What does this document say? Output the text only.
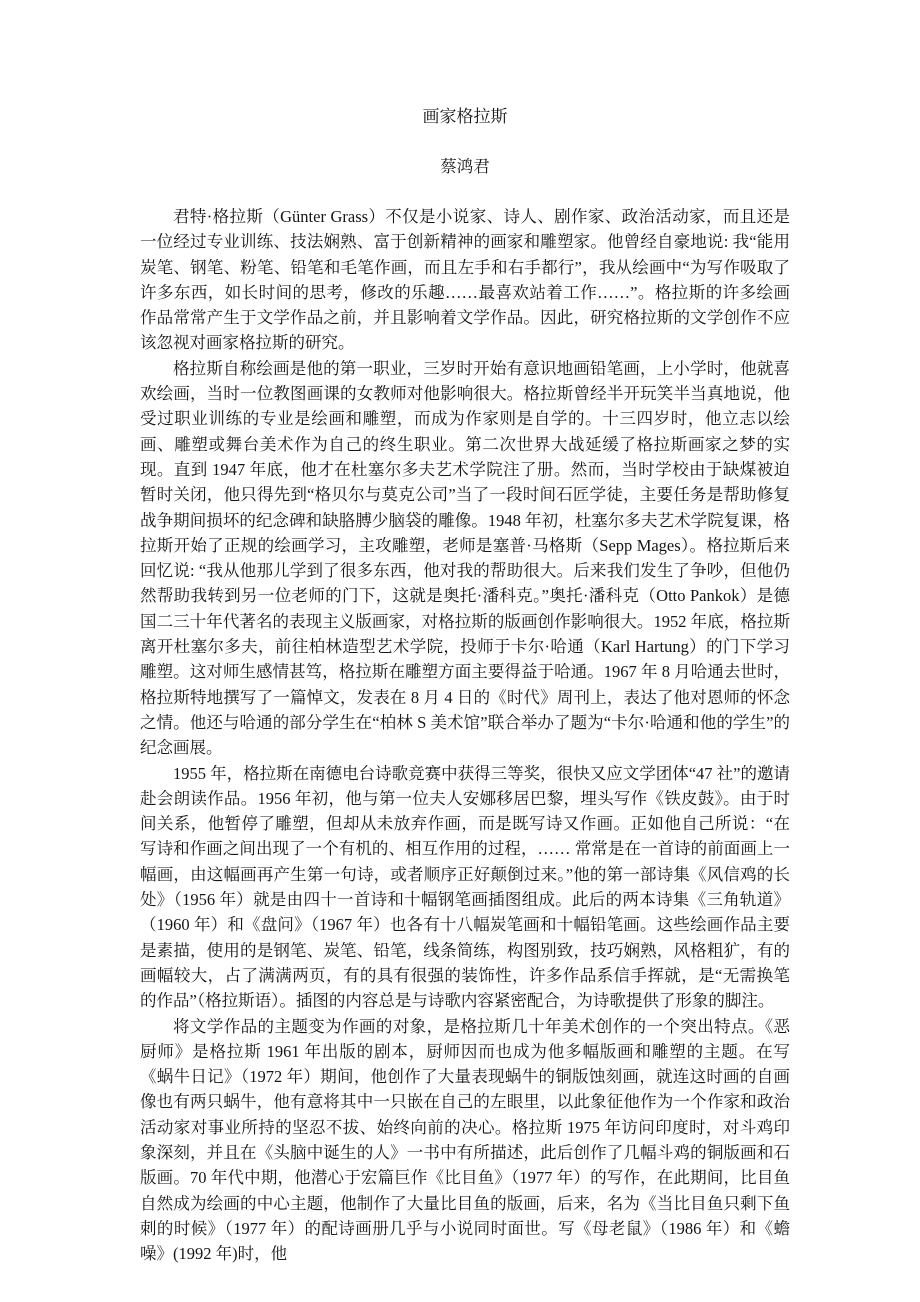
画家格拉斯
蔡鸿君

君特·格拉斯（Günter Grass）不仅是小说家、诗人、剧作家、政治活动家，而且还是一位经过专业训练、技法娴熟、富于创新精神的画家和雕塑家。他曾经自豪地说: 我“能用炭笔、钢笔、粉笔、铅笔和毛笔作画，而且左手和右手都行”，我从绘画中“为写作吸取了许多东西，如长时间的思考，修改的乐趣……最喜欢站着工作……”。格拉斯的许多绘画作品常常产生于文学作品之前，并且影响着文学作品。因此，研究格拉斯的文学创作不应该忽视对画家格拉斯的研究。

格拉斯自称绘画是他的第一职业，三岁时开始有意识地画铅笔画，上小学时，他就喜欢绘画，当时一位教图画课的女教师对他影响很大。格拉斯曾经半开玩笑半当真地说，他受过职业训练的专业是绘画和雕塑，而成为作家则是自学的。十三四岁时，他立志以绘画、雕塑或舞台美术作为自己的终生职业。第二次世界大战延缓了格拉斯画家之梦的实现。直到 1947 年底，他才在杜塞尔多夫艺术学院注了册。然而，当时学校由于缺煤被迫暂时关闭，他只得先到“格贝尔与莫克公司”当了一段时间石匠学徒，主要任务是帮助修复战争期间损坏的纪念碑和缺胳膊少脑袋的雕像。1948 年初，杜塞尔多夫艺术学院复课，格拉斯开始了正规的绘画学习，主攻雕塑，老师是塞普·马格斯（Sepp Mages）。格拉斯后来回忆说: “我从他那儿学到了很多东西，他对我的帮助很大。后来我们发生了争吵，但他仍然帮助我转到另一位老师的门下，这就是奥托·潘科克。”奥托·潘科克（Otto Pankok）是德国二三十年代著名的表现主义版画家，对格拉斯的版画创作影响很大。1952 年底，格拉斯离开杜塞尔多夫，前往柏林造型艺术学院，投师于卡尔·哈通（Karl Hartung）的门下学习雕塑。这对师生感情甚笃，格拉斯在雕塑方面主要得益于哈通。1967 年 8 月哈通去世时，格拉斯特地撰写了一篇悼文，发表在 8 月 4 日的《时代》周刊上，表达了他对恩师的怀念之情。他还与哈通的部分学生在“柏林 S 美术馆”联合举办了题为“卡尔·哈通和他的学生”的纪念画展。

1955 年，格拉斯在南德电台诗歌竞赛中获得三等奖，很快又应文学团体“47 社”的邀请赴会朗读作品。1956 年初，他与第一位夫人安娜移居巴黎，埋头写作《铁皮鼓》。由于时间关系，他暂停了雕塑，但却从未放弃作画，而是既写诗又作画。正如他自己所说：“在写诗和作画之间出现了一个有机的、相互作用的过程，…… 常常是在一首诗的前面画上一幅画，由这幅画再产生第一句诗，或者顺序正好颠倒过来。”他的第一部诗集《风信鸡的长处》（1956 年）就是由四十一首诗和十幅钢笔画插图组成。此后的两本诗集《三角轨道》（1960 年）和《盘问》（1967 年）也各有十八幅炭笔画和十幅铅笔画。这些绘画作品主要是素描，使用的是钢笔、炭笔、铅笔，线条简练，构图别致，技巧娴熟，风格粗犷，有的画幅较大，占了满满两页，有的具有很强的装饰性，许多作品系信手挥就，是“无需换笔的作品”（格拉斯语）。插图的内容总是与诗歌内容紧密配合，为诗歌提供了形象的脚注。

将文学作品的主题变为作画的对象，是格拉斯几十年美术创作的一个突出特点。《恶厨师》是格拉斯 1961 年出版的剧本，厨师因而也成为他多幅版画和雕塑的主题。在写《蜗牛日记》（1972 年）期间，他创作了大量表现蜗牛的铜版蚀刻画，就连这时画的自画像也有两只蜗牛，他有意将其中一只嵌在自己的左眼里，以此象征他作为一个作家和政治活动家对事业所持的坚忍不拔、始终向前的决心。格拉斯 1975 年访问印度时，对斗鸡印象深刻，并且在《头脑中诞生的人》一书中有所描述，此后创作了几幅斗鸡的铜版画和石版画。70 年代中期，他潜心于宏篇巨作《比目鱼》（1977 年）的写作，在此期间，比目鱼自然成为绘画的中心主题，他制作了大量比目鱼的版画，后来，名为《当比目鱼只剩下鱼刺的时候》（1977 年）的配诗画册几乎与小说同时面世。写《母老鼠》（1986 年）和《蟾噪》(1992 年)时，他
